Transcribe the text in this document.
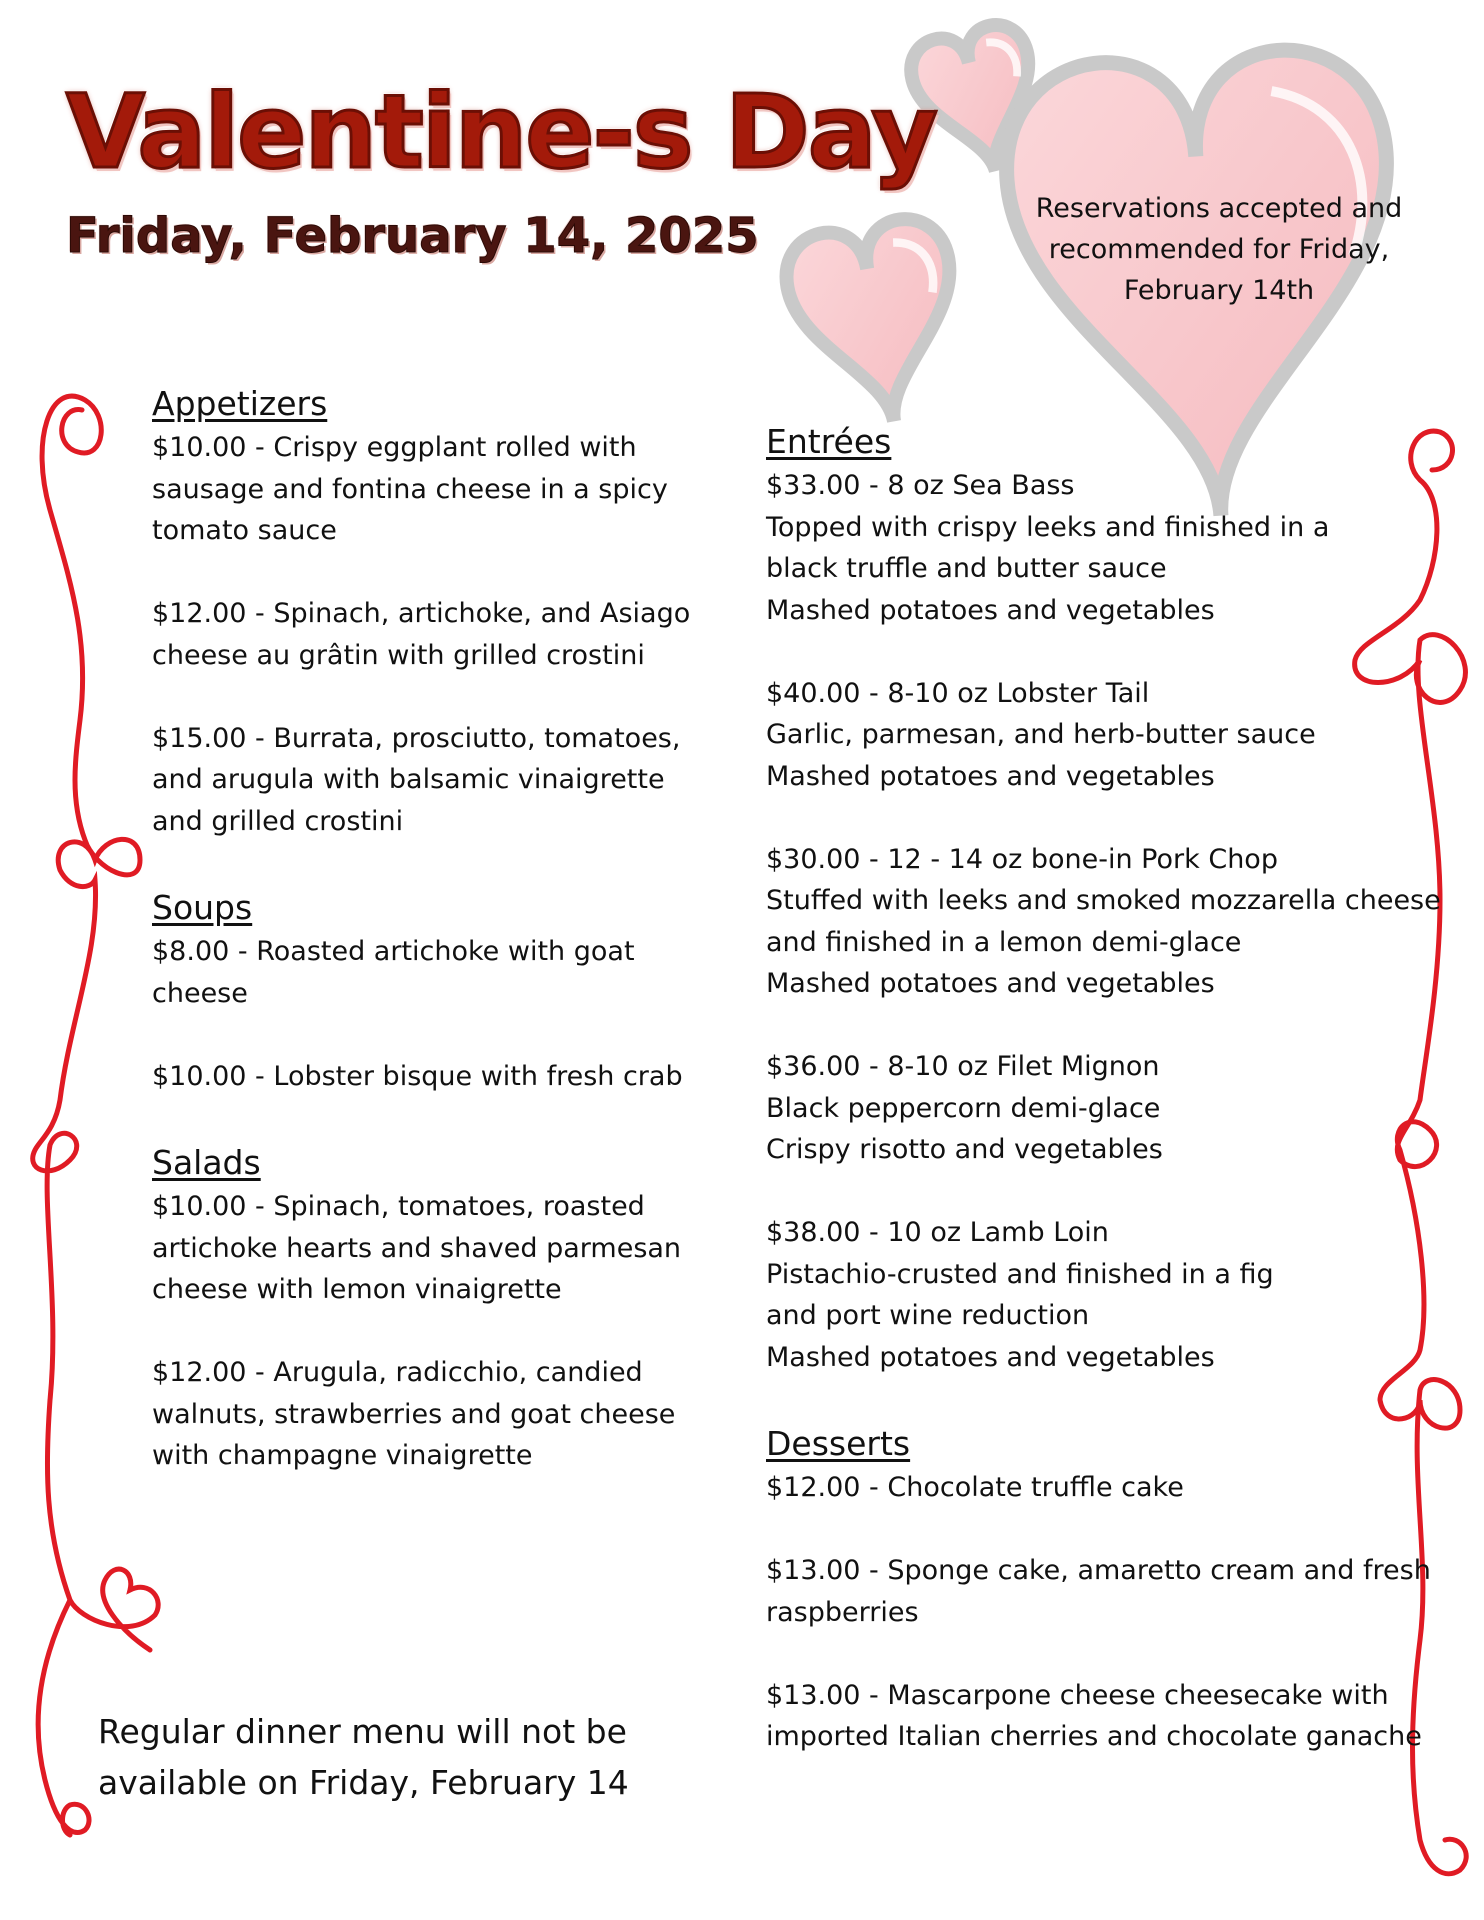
Valentine-s Day
Friday, February 14, 2025	Reservations accepted and recommended for Friday, February 14th

Appetizers

$10.00 - Crispy eggplant rolled with sausage and fontina cheese in a spicy tomato sauce

$12.00 - Spinach, artichoke, and Asiago cheese au grâtin with grilled crostini

$15.00 - Burrata, prosciutto, tomatoes, and arugula with balsamic vinaigrette and grilled crostini

Soups

$8.00 - Roasted artichoke with goat cheese

$10.00 - Lobster bisque with fresh crab

Salads

$10.00 - Spinach, tomatoes, roasted artichoke hearts and shaved parmesan cheese with lemon vinaigrette

$12.00 - Arugula, radicchio, candied walnuts, strawberries and goat cheese with champagne vinaigrette

Entrées

$33.00 - 8 oz Sea Bass
Topped with crispy leeks and finished in a
black truffle and butter sauce
Mashed potatoes and vegetables

$40.00 - 8-10 oz Lobster Tail
Garlic, parmesan, and herb-butter sauce
Mashed potatoes and vegetables

$30.00 - 12 - 14 oz bone-in Pork Chop
Stuffed with leeks and smoked mozzarella cheese
and finished in a lemon demi-glace
Mashed potatoes and vegetables

$36.00 - 8-10 oz Filet Mignon
Black peppercorn demi-glace
Crispy risotto and vegetables

$38.00 - 10 oz Lamb Loin
Pistachio-crusted and finished in a fig
and port wine reduction
Mashed potatoes and vegetables

Desserts

$12.00 - Chocolate truffle cake

$13.00 - Sponge cake, amaretto cream and fresh raspberries

$13.00 - Mascarpone cheese cheesecake with imported Italian cherries and chocolate ganache

Regular dinner menu will not be available on Friday, February 14
